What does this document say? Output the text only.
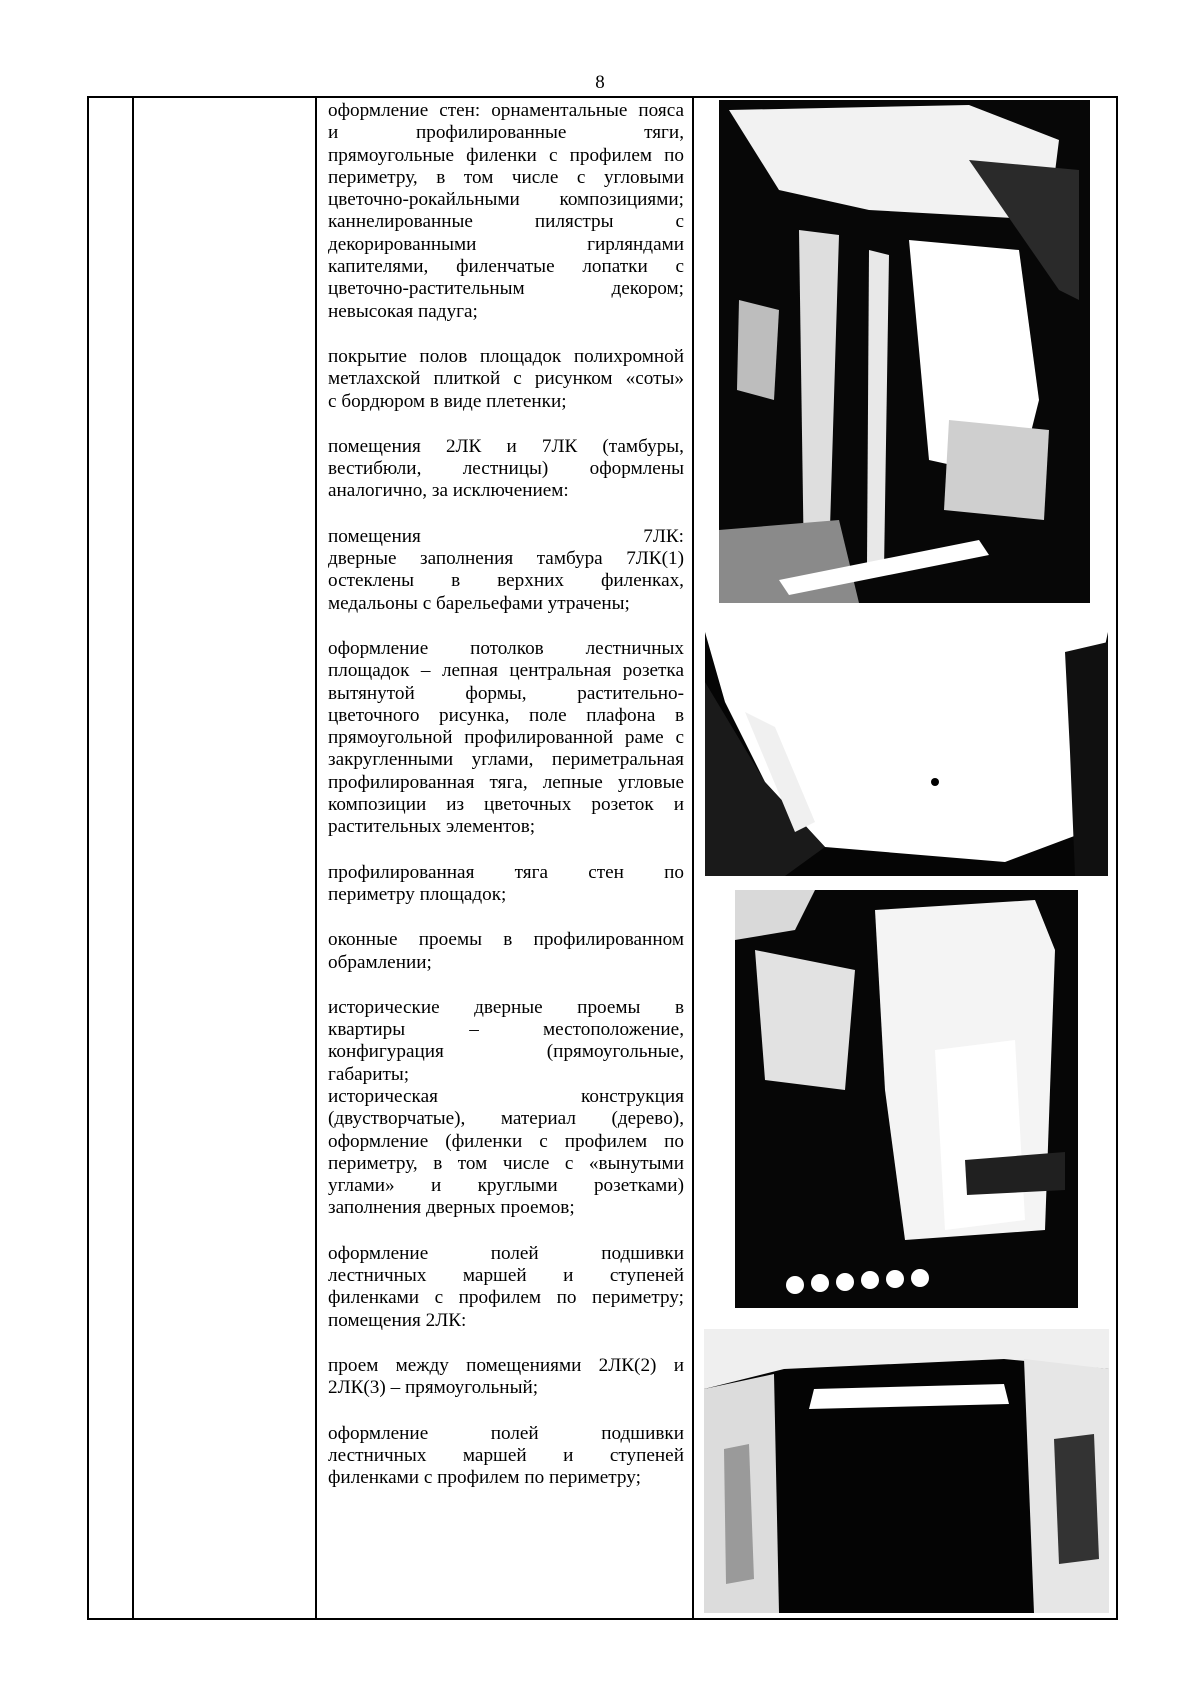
8

оформление стен: орнаментальные пояса
и	профилированные	тяги,
прямоугольные филенки с профилем по
периметру, в том числе с угловыми
цветочно-рокайльными композициями;
каннелированные	пилястры	с
декорированными	гирляндами
капителями, филенчатые лопатки с
цветочно-растительным	декором;
невысокая падуга;

покрытие полов площадок полихромной
метлахской плиткой с рисунком «соты»
с бордюром в виде плетенки;

помещения 2ЛК и 7ЛК (тамбуры,
вестибюли, лестницы) оформлены
аналогично, за исключением:

помещения	7ЛК:
дверные заполнения тамбура 7ЛК(1)
остеклены в верхних филенках,
медальоны с барельефами утрачены;

оформление потолков лестничных
площадок – лепная центральная розетка
вытянутой	формы,	растительно-
цветочного рисунка, поле плафона в
прямоугольной профилированной раме с
закругленными углами, периметральная
профилированная тяга, лепные угловые
композиции из цветочных розеток и
растительных элементов;

профилированная тяга стен по
периметру площадок;

оконные проемы в профилированном
обрамлении;

исторические дверные проемы в
квартиры	–	местоположение,
конфигурация	(прямоугольные,
габариты;
историческая	конструкция
(двустворчатые), материал (дерево),
оформление (филенки с профилем по
периметру, в том числе с «вынутыми
углами» и круглыми розетками)
заполнения дверных проемов;

оформление	полей	подшивки
лестничных маршей и ступеней
филенками с профилем по периметру;
помещения 2ЛК:

проем между помещениями 2ЛК(2) и
2ЛК(3) – прямоугольный;

оформление	полей	подшивки
лестничных маршей и ступеней
филенками с профилем по периметру;
